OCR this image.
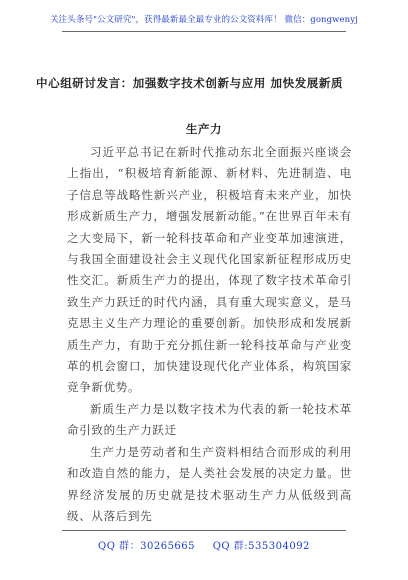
关注头条号"公文研究"，获得最新最全最专业的公文资料库！ 微信：gongwenyj
中心组研讨发言：加强数字技术创新与应用 加快发展新质
生产力

习近平总书记在新时代推动东北全面振兴座谈会上指出，“积极培育新能源、新材料、先进制造、电子信息等战略性新兴产业，积极培育未来产业，加快形成新质生产力，增强发展新动能。”在世界百年未有之大变局下，新一轮科技革命和产业变革加速演进，与我国全面建设社会主义现代化国家新征程形成历史性交汇。新质生产力的提出，体现了数字技术革命引致生产力跃迁的时代内涵，具有重大现实意义，是马克思主义生产力理论的重要创新。加快形成和发展新质生产力，有助于充分抓住新一轮科技革命与产业变革的机会窗口，加快建设现代化产业体系，构筑国家竞争新优势。

新质生产力是以数字技术为代表的新一轮技术革命引致的生产力跃迁

生产力是劳动者和生产资料相结合而形成的利用和改造自然的能力，是人类社会发展的决定力量。世界经济发展的历史就是技术驱动生产力从低级到高级、从落后到先

QQ 群：30265665 QQ 群:535304092
